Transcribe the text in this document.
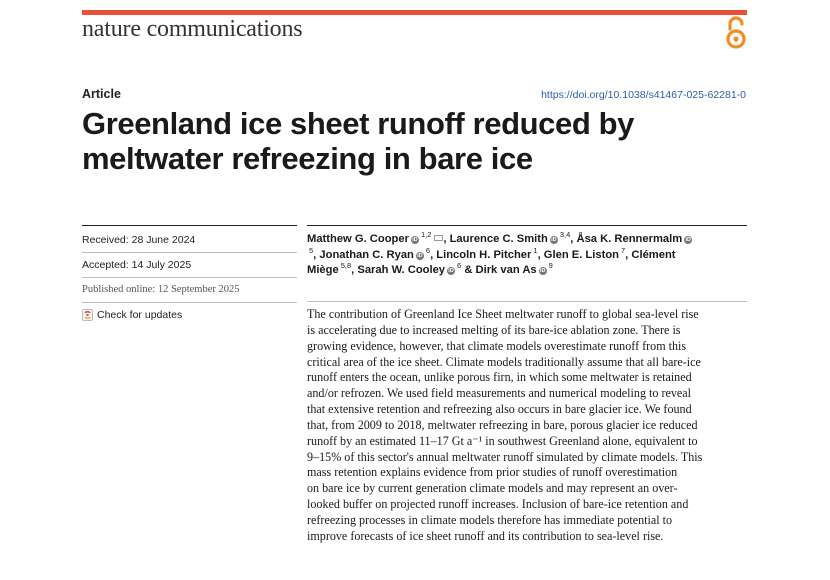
nature communications
Article	https://doi.org/10.1038/s41467-025-62281-0
Greenland ice sheet runoff reduced by
meltwater refreezing in bare ice
Received: 28 June 2024
Accepted: 14 July 2025
Published online: 12 September 2025
Check for updates
Matthew G. Cooper iD$^{1,2}$ , Laurence C. Smith iD$^{3,4}$, Åsa K. Rennermalm $iD^5$, Jonathan C. Ryan $iD^6$, Lincoln H. Pitcher $^1$, Glen E. Liston $^7$, Clément Miège $^{5,8}$, Sarah W. Cooley $iD^6$ & Dirk van As $iD^9$
The contribution of Greenland Ice Sheet meltwater runoff to global sea-level rise
is accelerating due to increased melting of its bare-ice ablation zone. There is
growing evidence, however, that climate models overestimate runoff from this
critical area of the ice sheet. Climate models traditionally assume that all bare-ice
runoff enters the ocean, unlike porous firn, in which some meltwater is retained
and/or refrozen. We used field measurements and numerical modeling to reveal
that extensive retention and refreezing also occurs in bare glacier ice. We found
that, from 2009 to 2018, meltwater refreezing in bare, porous glacier ice reduced
runoff by an estimated 11–17 Gt a⁻¹ in southwest Greenland alone, equivalent to
9–15% of this sector's annual meltwater runoff simulated by climate models. This
mass retention explains evidence from prior studies of runoff overestimation
on bare ice by current generation climate models and may represent an over-
looked buffer on projected runoff increases. Inclusion of bare-ice retention and
refreezing processes in climate models therefore has immediate potential to
improve forecasts of ice sheet runoff and its contribution to sea-level rise.
